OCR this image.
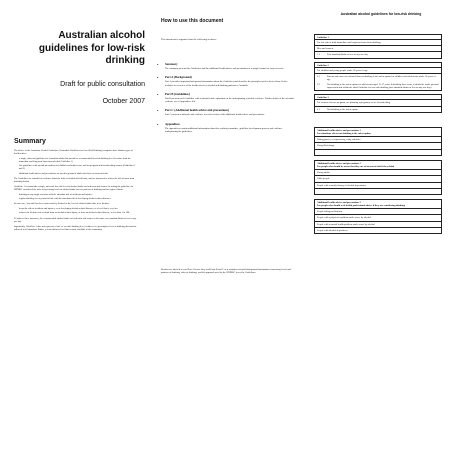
Australian alcohol guidelines for low-risk drinking
Draft for public consultation
October 2007
Summary

The advice of the Australian Alcohol Guidelines (Australian Guidelines for Low-Risk Drinking) comprises three distinct types of health advice:

• a single, universal guideline for Australian adults that provides a recommended low-risk drinking level to reduce both the immediate and long-term harm from alcohol (Guideline 1)
• five guidelines with special precautions for children and adolescents, and for pregnant and breastfeeding women (Guidelines 2 and 3)
• additional health advice and precautions for specific groups of adults who have an increased risk.

The Guidelines are founded on evidence about the risks of alcohol-related harm, and are structured to reduce the risk of harm from drinking alcohol.

Guideline 1 recommends a single, universal low-risk level of alcohol intake for both men and women. In setting the guideline, the NHMRC considered the risks of increasing levels of alcohol intake for two patterns of drinking and two types of harm:

• drinking on any single occasion with the attendant risk of accidents and injuries
• regular drinking over a period of time with the attendant risk of developing alcohol-related diseases.

In each case, 'low-risk' has been conservatively defined as the level of alcohol intake that, for a lifetime:

• keeps the risk of accidents and injuries, or of developing alcohol-related diseases, to a level that is very low
• reduces the lifetime risk of death from an alcohol-related injury, or from an alcohol-related disease, to less than 1 in 100.

To achieve these outcomes, the recommended alcohol intake for both men and women is the same: two standard drinks or less in any one day.

Importantly, Guideline 1 does not represent a 'safe' or 'no-risk' drinking level, neither is it a prescriptive level of drinking that must be followed in all situations. Rather, it is an advisory level that is made available to the community.

How to use this document
This document is organised into the following sections:
• Summary
The summary presents the Guidelines and the additional health advice and precautions in a simple format for easy reference.
• Part A (Background)
Part A provides important background information about the Guidelines and describes the principles used to derive them. It also includes an overview of the health effects of alcohol and drinking patterns in Australia.
• Part B (Guidelines)
Part B presents each Guideline with a rationale and explanation of the underpinning scientific evidence. Further details of the scientific evidence are in Appendices 4-8.
• Part C (Additional health advice and precautions)
Part C presents a rationale and evidence for each section of the additional health advice and precautions.
• Appendices
The appendices contain additional information about the working committee, guideline development process and evidence underpinning the guidelines.
Readers are advised to read Part A before they read Parts B and C as it contains essential background information concerning levels and patterns of drinking, risks of drinking, and the approach used by the NHMRC to set the Guidelines.
Australian alcohol guidelines for low-risk drinking
Guideline 1
For low risk of both immediate and long-term harm from drinking:
Men and women
1.1	Two standard drinks or less in any one day
Guideline 2
For children and young people under 18 years of age
2.1	Parents and carers are advised that not drinking is the safest option for children and adolescents under 18 years of age.
2.2	Not drinking is the safest option for adolescents aged 15-17 years. If drinking does occur, it should be under parental supervision and within the adult Guideline for low-risk drinking (two standard drinks or less on any one day).
Guideline 3
For women who are pregnant, are planning a pregnancy or are breastfeeding
3.1	Not drinking is the safest option.
Additional health advice and precautions 1
For situations where not drinking is the safest option
Taking part in, or supervising, risky activities
Using illicit drugs
Additional health advice and precautions 2
For people who should be aware that they are at increased risk if they drink
Young adults
Older people
People with a family history of alcohol dependence
Additional health advice and precautions 3
For people who should seek health professional advice if they are considering drinking
People taking medications
People with a physical condition made worse by alcohol
People with a mental health problem made worse by alcohol
People with alcohol dependence
